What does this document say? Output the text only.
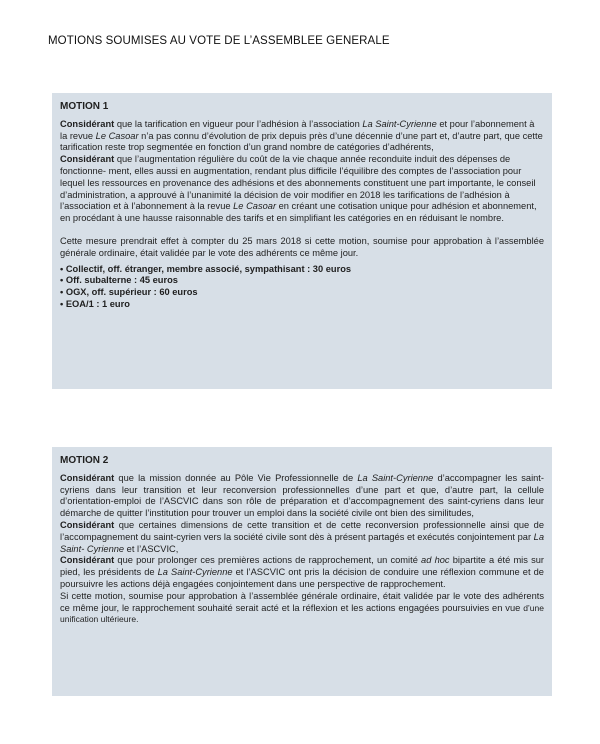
MOTIONS SOUMISES AU VOTE DE L’ASSEMBLEE GENERALE
MOTION 1

Considérant que la tarification en vigueur pour l’adhésion à l’association La Saint-Cyrienne et pour l’abonnement à la revue Le Casoar n’a pas connu d’évolution de prix depuis près d’une décennie d’une part et, d’autre part, que cette tarification reste trop segmentée en fonction d’un grand nombre de catégories d’adhérents,

Considérant que l’augmentation régulière du coût de la vie chaque année reconduite induit des dépenses de fonctionne- ment, elles aussi en augmentation, rendant plus difficile l’équilibre des comptes de l’association pour lequel les ressources en provenance des adhésions et des abonnements constituent une part importante, le conseil d’administration, a approuvé à l’unanimité la décision de voir modifier en 2018 les tarifications de l’adhésion à l’association et à l’abonnement à la revue Le Casoar en créant une cotisation unique pour adhésion et abonnement, en procédant à une hausse raisonnable des tarifs et en simplifiant les catégories en en réduisant le nombre.

Cette mesure prendrait effet à compter du 25 mars 2018 si cette motion, soumise pour approbation à l’assemblée générale ordinaire, était validée par le vote des adhérents ce même jour.

• Collectif, off. étranger, membre associé, sympathisant : 30 euros
• Off. subalterne : 45 euros
• OGX, off. supérieur : 60 euros
• EOA/1 : 1 euro
MOTION 2

Considérant que la mission donnée au Pôle Vie Professionnelle de La Saint-Cyrienne d’accompagner les saint-cyriens dans leur transition et leur reconversion professionnelles d’une part et que, d’autre part, la cellule d’orientation-emploi de l’ASCVIC dans son rôle de préparation et d’accompagnement des saint-cyriens dans leur démarche de quitter l’institution pour trouver un emploi dans la société civile ont bien des similitudes,

Considérant que certaines dimensions de cette transition et de cette reconversion professionnelle ainsi que de l’accompagnement du saint-cyrien vers la société civile sont dès à présent partagés et exécutés conjointement par La Saint- Cyrienne et l’ASCVIC,

Considérant que pour prolonger ces premières actions de rapprochement, un comité ad hoc bipartite a été mis sur pied, les présidents de La Saint-Cyrienne et l’ASCVIC ont pris la décision de conduire une réflexion commune et de poursuivre les actions déjà engagées conjointement dans une perspective de rapprochement.

Si cette motion, soumise pour approbation à l’assemblée générale ordinaire, était validée par le vote des adhérents ce même jour, le rapprochement souhaité serait acté et la réflexion et les actions engagées poursuivies en vue d’une unification ultérieure.
